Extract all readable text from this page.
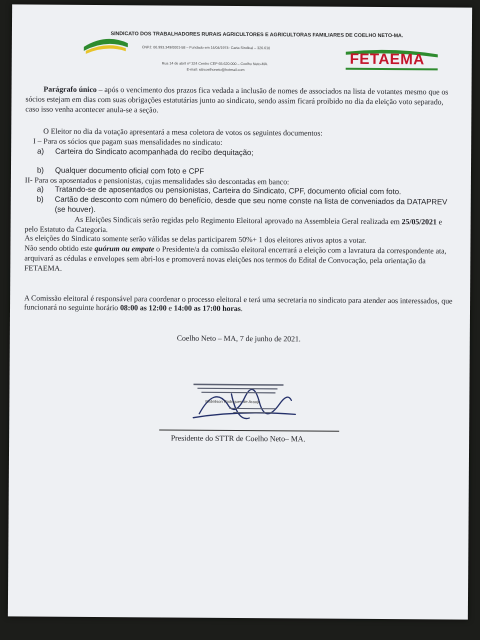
SINDICATO DOS TRABALHADORES RURAIS AGRICULTORES E AGRICULTORAS FAMILIARES DE COELHO NETO-MA.
CNPJ: 06.993.349/0001-58 – Fundado em 14/04/1974- Carta Sindical – 326.610
Rua 14 de abril nº 324 Centro CEP 65.620.000 – Coelho Neto-MA.
E-mail: sttrcoelhoneto@hotmail.com
FETAEMA

Parágrafo único – após o vencimento dos prazos fica vedada a inclusão de nomes de associados na lista de votantes mesmo que os sócios estejam em dias com suas obrigações estatutárias junto ao sindicato, sendo assim ficará proibido no dia da eleição voto separado, caso isso venha acontecer anula-se a seção.

O Eleitor no dia da votação apresentará a mesa coletora de votos os seguintes documentos:

I – Para os sócios que pagam suas mensalidades no sindicato:

a)	Carteira do Sindicato acompanhada do recibo dequitação;

b)	Qualquer documento oficial com foto e CPF

II- Para os aposentados e pensionistas, cujas mensalidades são descontadas em banco:

a)	Tratando-se de aposentados ou pensionistas, Carteira do Sindicato, CPF, documento oficial com foto.

b)	Cartão de desconto com número do benefício, desde que seu nome conste na lista de conveniados da DATAPREV (se houver).

As Eleições Sindicais serão regidas pelo Regimento Eleitoral aprovado na Assembleia Geral realizada em 25/05/2021 e pelo Estatuto da Categoria.

As eleições do Sindicato somente serão válidas se delas participarem 50%+ 1 dos eleitores ativos aptos a votar.

Não sendo obtido este quórum ou empate o Presidente/a da comissão eleitoral encerrará a eleição com a lavratura da correspondente ata, arquivará as cédulas e envelopes sem abri-los e promoverá novas eleições nos termos do Edital de Convocação, pela orientação da FETAEMA.

A Comissão eleitoral é responsável para coordenar o processo eleitoral e terá uma secretaria no sindicato para atender aos interessados, que funcionará no seguinte horário 08:00 as 12:00 e 14:00 as 17:00 horas.

Coelho Neto – MA, 7 de junho de 2021.

Nildeilson Rodrigues de Araujo
Presidente do STTR de Coelho Neto– MA.
